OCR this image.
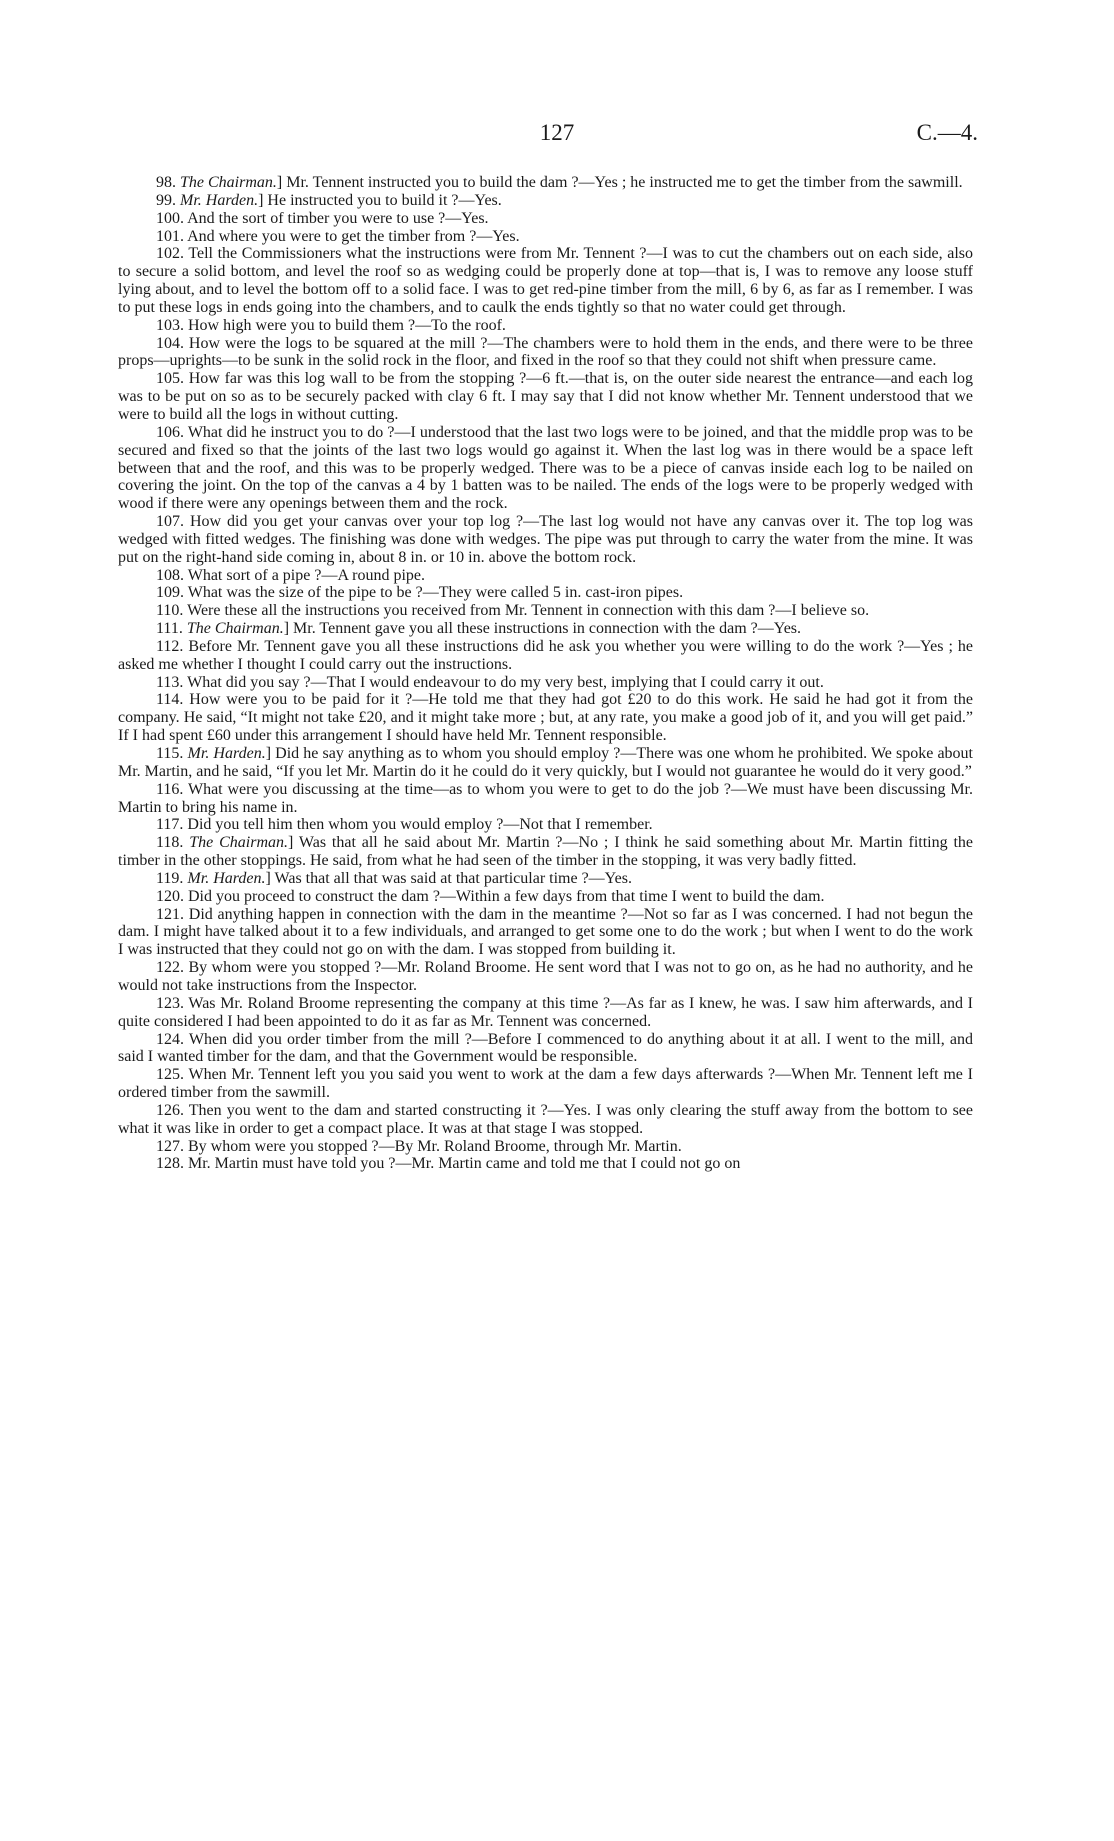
127	C.—4.

98. The Chairman.] Mr. Tennent instructed you to build the dam ?—Yes ; he instructed me to get the timber from the sawmill.

99. Mr. Harden.] He instructed you to build it ?—Yes.

100. And the sort of timber you were to use ?—Yes.

101. And where you were to get the timber from ?—Yes.

102. Tell the Commissioners what the instructions were from Mr. Tennent ?—I was to cut the chambers out on each side, also to secure a solid bottom, and level the roof so as wedging could be properly done at top—that is, I was to remove any loose stuff lying about, and to level the bottom off to a solid face. I was to get red-pine timber from the mill, 6 by 6, as far as I remember. I was to put these logs in ends going into the chambers, and to caulk the ends tightly so that no water could get through.

103. How high were you to build them ?—To the roof.

104. How were the logs to be squared at the mill ?—The chambers were to hold them in the ends, and there were to be three props—uprights—to be sunk in the solid rock in the floor, and fixed in the roof so that they could not shift when pressure came.

105. How far was this log wall to be from the stopping ?—6 ft.—that is, on the outer side nearest the entrance—and each log was to be put on so as to be securely packed with clay 6 ft. I may say that I did not know whether Mr. Tennent understood that we were to build all the logs in without cutting.

106. What did he instruct you to do ?—I understood that the last two logs were to be joined, and that the middle prop was to be secured and fixed so that the joints of the last two logs would go against it. When the last log was in there would be a space left between that and the roof, and this was to be properly wedged. There was to be a piece of canvas inside each log to be nailed on covering the joint. On the top of the canvas a 4 by 1 batten was to be nailed. The ends of the logs were to be properly wedged with wood if there were any openings between them and the rock.

107. How did you get your canvas over your top log ?—The last log would not have any canvas over it. The top log was wedged with fitted wedges. The finishing was done with wedges. The pipe was put through to carry the water from the mine. It was put on the right-hand side coming in, about 8 in. or 10 in. above the bottom rock.

108. What sort of a pipe ?—A round pipe.

109. What was the size of the pipe to be ?—They were called 5 in. cast-iron pipes.

110. Were these all the instructions you received from Mr. Tennent in connection with this dam ?—I believe so.

111. The Chairman.] Mr. Tennent gave you all these instructions in connection with the dam ?—Yes.

112. Before Mr. Tennent gave you all these instructions did he ask you whether you were willing to do the work ?—Yes ; he asked me whether I thought I could carry out the instructions.

113. What did you say ?—That I would endeavour to do my very best, implying that I could carry it out.

114. How were you to be paid for it ?—He told me that they had got £20 to do this work. He said he had got it from the company. He said, “It might not take £20, and it might take more ; but, at any rate, you make a good job of it, and you will get paid.” If I had spent £60 under this arrangement I should have held Mr. Tennent responsible.

115. Mr. Harden.] Did he say anything as to whom you should employ ?—There was one whom he prohibited. We spoke about Mr. Martin, and he said, “If you let Mr. Martin do it he could do it very quickly, but I would not guarantee he would do it very good.”

116. What were you discussing at the time—as to whom you were to get to do the job ?—We must have been discussing Mr. Martin to bring his name in.

117. Did you tell him then whom you would employ ?—Not that I remember.

118. The Chairman.] Was that all he said about Mr. Martin ?—No ; I think he said something about Mr. Martin fitting the timber in the other stoppings. He said, from what he had seen of the timber in the stopping, it was very badly fitted.

119. Mr. Harden.] Was that all that was said at that particular time ?—Yes.

120. Did you proceed to construct the dam ?—Within a few days from that time I went to build the dam.

121. Did anything happen in connection with the dam in the meantime ?—Not so far as I was concerned. I had not begun the dam. I might have talked about it to a few individuals, and arranged to get some one to do the work ; but when I went to do the work I was instructed that they could not go on with the dam. I was stopped from building it.

122. By whom were you stopped ?—Mr. Roland Broome. He sent word that I was not to go on, as he had no authority, and he would not take instructions from the Inspector.

123. Was Mr. Roland Broome representing the company at this time ?—As far as I knew, he was. I saw him afterwards, and I quite considered I had been appointed to do it as far as Mr. Tennent was concerned.

124. When did you order timber from the mill ?—Before I commenced to do anything about it at all. I went to the mill, and said I wanted timber for the dam, and that the Government would be responsible.

125. When Mr. Tennent left you you said you went to work at the dam a few days afterwards ?—When Mr. Tennent left me I ordered timber from the sawmill.

126. Then you went to the dam and started constructing it ?—Yes. I was only clearing the stuff away from the bottom to see what it was like in order to get a compact place. It was at that stage I was stopped.

127. By whom were you stopped ?—By Mr. Roland Broome, through Mr. Martin.

128. Mr. Martin must have told you ?—Mr. Martin came and told me that I could not go on
